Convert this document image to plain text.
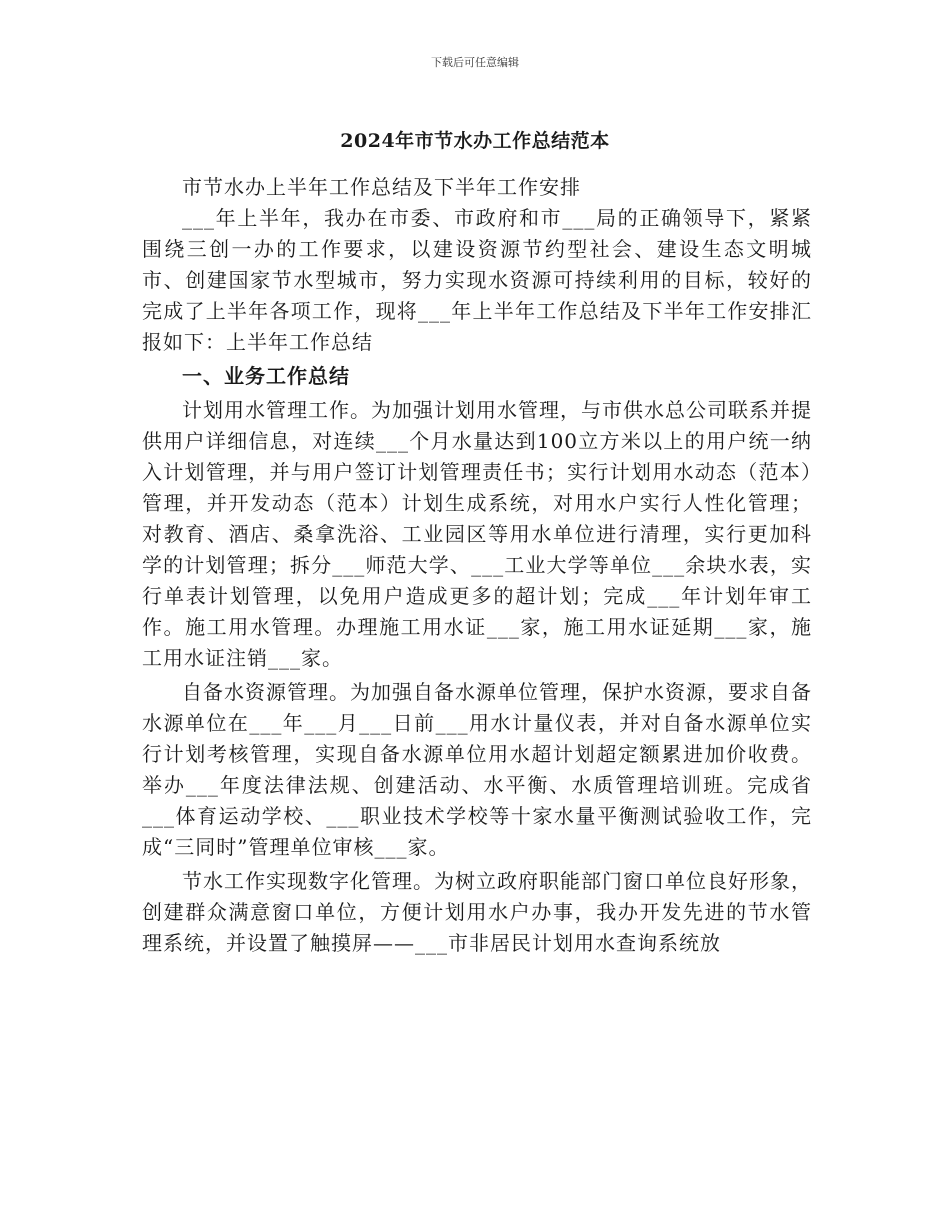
下载后可任意编辑
2024年市节水办工作总结范本

市节水办上半年工作总结及下半年工作安排

___年上半年，我办在市委、市政府和市___局的正确领导下，紧紧围绕三创一办的工作要求，以建设资源节约型社会、建设生态文明城市、创建国家节水型城市，努力实现水资源可持续利用的目标，较好的完成了上半年各项工作，现将___年上半年工作总结及下半年工作安排汇报如下：上半年工作总结

一、业务工作总结

计划用水管理工作。为加强计划用水管理，与市供水总公司联系并提供用户详细信息，对连续___个月水量达到100立方米以上的用户统一纳入计划管理，并与用户签订计划管理责任书；实行计划用水动态（范本）管理，并开发动态（范本）计划生成系统，对用水户实行人性化管理；对教育、酒店、桑拿洗浴、工业园区等用水单位进行清理，实行更加科学的计划管理；拆分___师范大学、___工业大学等单位___余块水表，实行单表计划管理，以免用户造成更多的超计划；完成___年计划年审工作。施工用水管理。办理施工用水证___家，施工用水证延期___家，施工用水证注销___家。

自备水资源管理。为加强自备水源单位管理，保护水资源，要求自备水源单位在___年___月___日前___用水计量仪表，并对自备水源单位实行计划考核管理，实现自备水源单位用水超计划超定额累进加价收费。举办___年度法律法规、创建活动、水平衡、水质管理培训班。完成省___体育运动学校、___职业技术学校等十家水量平衡测试验收工作，完成“三同时”管理单位审核___家。

节水工作实现数字化管理。为树立政府职能部门窗口单位良好形象，创建群众满意窗口单位，方便计划用水户办事，我办开发先进的节水管理系统，并设置了触摸屏——___市非居民计划用水查询系统放
